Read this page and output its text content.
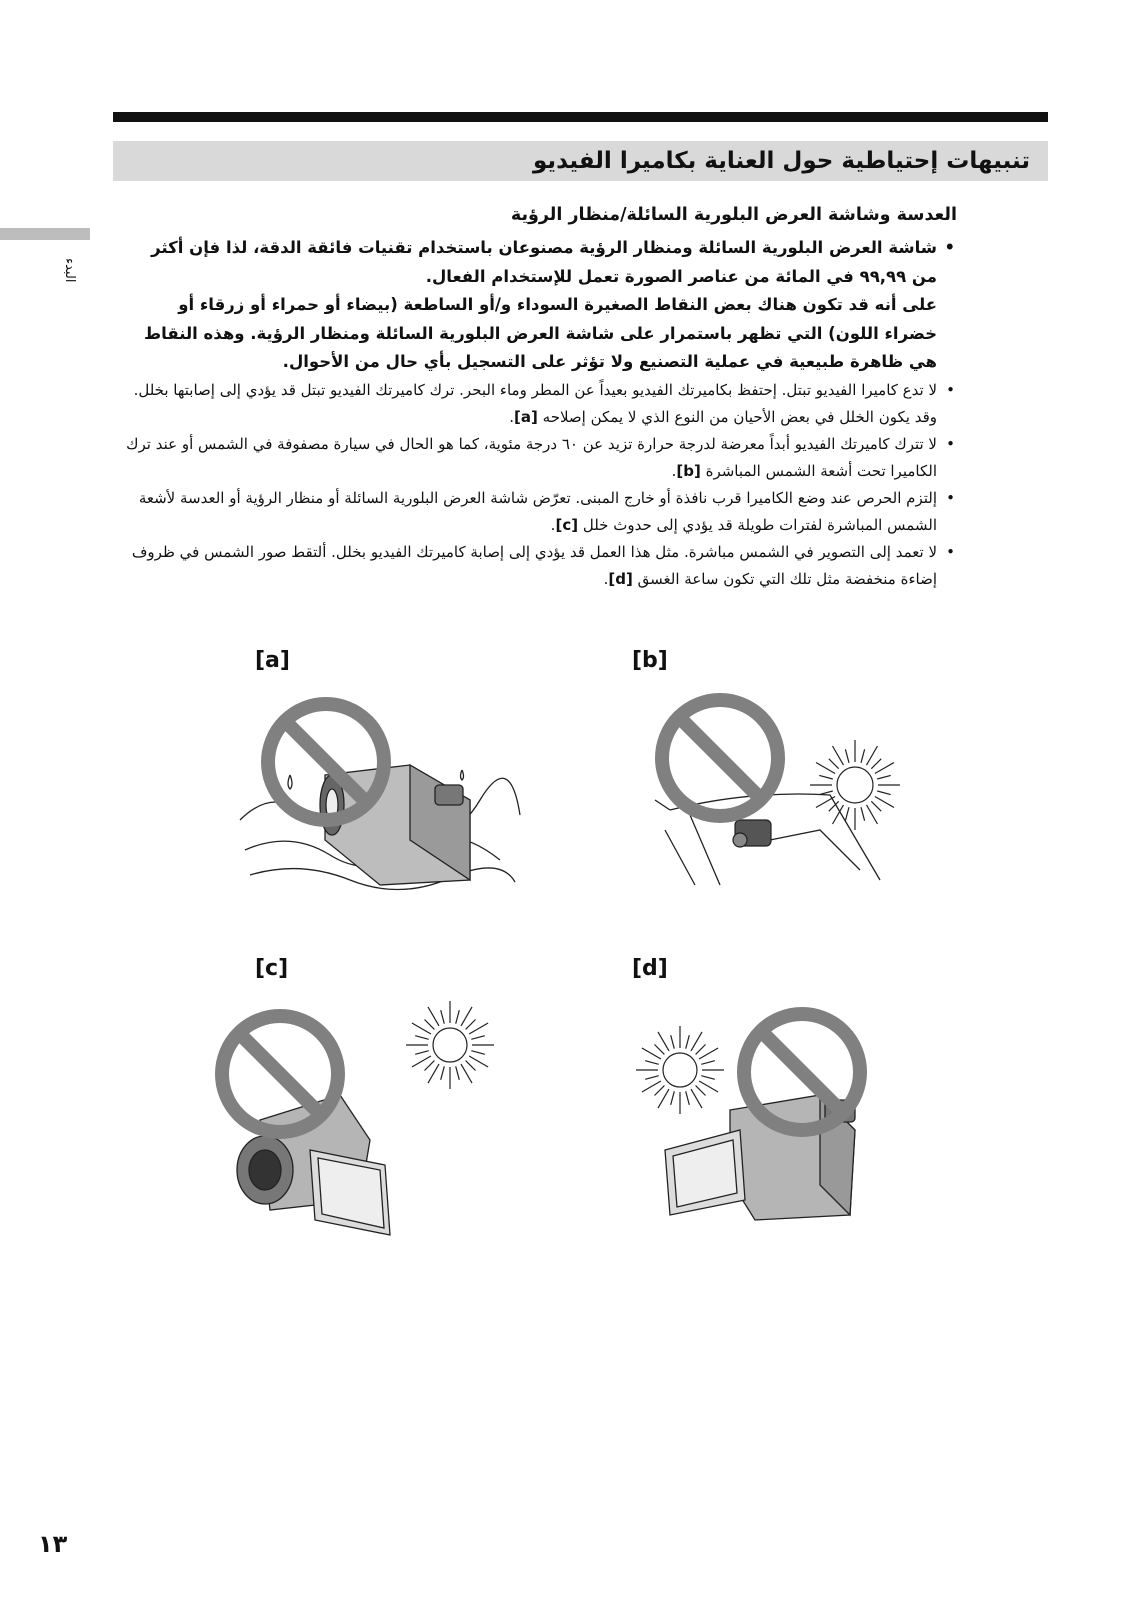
تنبيهات إحتياطية حول العناية بكاميرا الفيديو
البدء
العدسة وشاشة العرض البلورية السائلة/منظار الرؤية
• شاشة العرض البلورية السائلة ومنظار الرؤية مصنوعان باستخدام تقنيات فائقة الدقة، لذا فإن أكثر من ۹۹,۹۹ في المائة من عناصر الصورة تعمل للإستخدام الفعال.

على أنه قد تكون هناك بعض النقاط الصغيرة السوداء و/أو الساطعة (بيضاء أو حمراء أو زرقاء أو خضراء اللون) التي تظهر باستمرار على شاشة العرض البلورية السائلة ومنظار الرؤية. وهذه النقاط هي ظاهرة طبيعية في عملية التصنيع ولا تؤثر على التسجيل بأي حال من الأحوال.

• لا تدع كاميرا الفيديو تبتل. إحتفظ بكاميرتك الفيديو بعيداً عن المطر وماء البحر. ترك كاميرتك الفيديو تبتل قد يؤدي إلى إصابتها بخلل. وقد يكون الخلل في بعض الأحيان من النوع الذي لا يمكن إصلاحه [a].
• لا تترك كاميرتك الفيديو أبداً معرضة لدرجة حرارة تزيد عن ٦٠ درجة مئوية، كما هو الحال في سيارة مصفوفة في الشمس أو عند ترك الكاميرا تحت أشعة الشمس المباشرة [b].
• إلتزم الحرص عند وضع الكاميرا قرب نافذة أو خارج المبنى. تعرّض شاشة العرض البلورية السائلة أو منظار الرؤية أو العدسة لأشعة الشمس المباشرة لفترات طويلة قد يؤدي إلى حدوث خلل [c].
• لا تعمد إلى التصوير في الشمس مباشرة. مثل هذا العمل قد يؤدي إلى إصابة كاميرتك الفيديو بخلل. ألتقط صور الشمس في ظروف إضاءة منخفضة مثل تلك التي تكون ساعة الغسق [d].
[a]	[b]
[c]	[d]
۱۳
